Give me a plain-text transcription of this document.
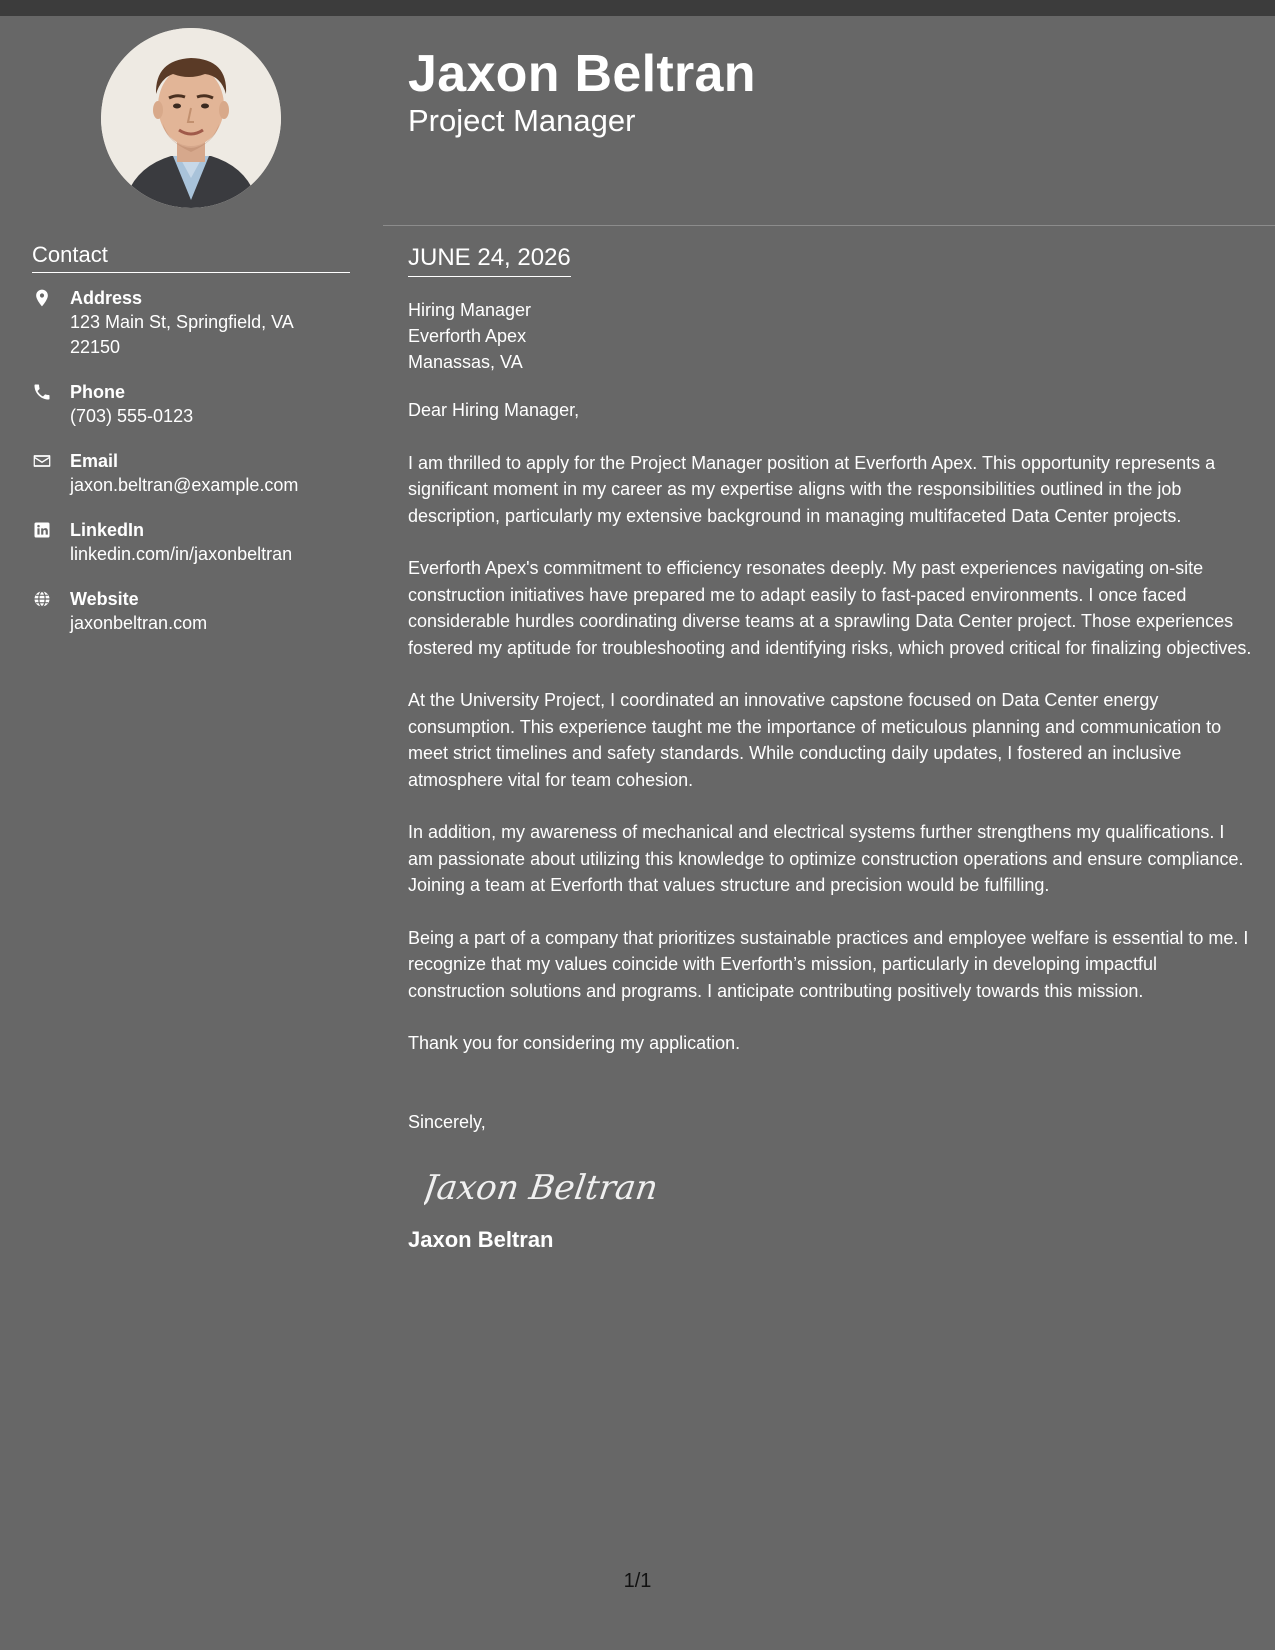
Contact
Address
123 Main St, Springfield, VA 22150
Phone
(703) 555-0123
Email
jaxon.beltran@example.com
LinkedIn
linkedin.com/in/jaxonbeltran
Website
jaxonbeltran.com
Jaxon Beltran
Project Manager
JUNE 24, 2026
Hiring Manager
Everforth Apex
Manassas, VA

Dear Hiring Manager,

I am thrilled to apply for the Project Manager position at Everforth Apex. This opportunity represents a significant moment in my career as my expertise aligns with the responsibilities outlined in the job description, particularly my extensive background in managing multifaceted Data Center projects.

Everforth Apex's commitment to efficiency resonates deeply. My past experiences navigating on-site construction initiatives have prepared me to adapt easily to fast-paced environments. I once faced considerable hurdles coordinating diverse teams at a sprawling Data Center project. Those experiences fostered my aptitude for troubleshooting and identifying risks, which proved critical for finalizing objectives.

At the University Project, I coordinated an innovative capstone focused on Data Center energy consumption. This experience taught me the importance of meticulous planning and communication to meet strict timelines and safety standards. While conducting daily updates, I fostered an inclusive atmosphere vital for team cohesion.

In addition, my awareness of mechanical and electrical systems further strengthens my qualifications. I am passionate about utilizing this knowledge to optimize construction operations and ensure compliance. Joining a team at Everforth that values structure and precision would be fulfilling.

Being a part of a company that prioritizes sustainable practices and employee welfare is essential to me. I recognize that my values coincide with Everforth’s mission, particularly in developing impactful construction solutions and programs. I anticipate contributing positively towards this mission.

Thank you for considering my application.

Sincerely,

Jaxon Beltran
Jaxon Beltran
1/1
